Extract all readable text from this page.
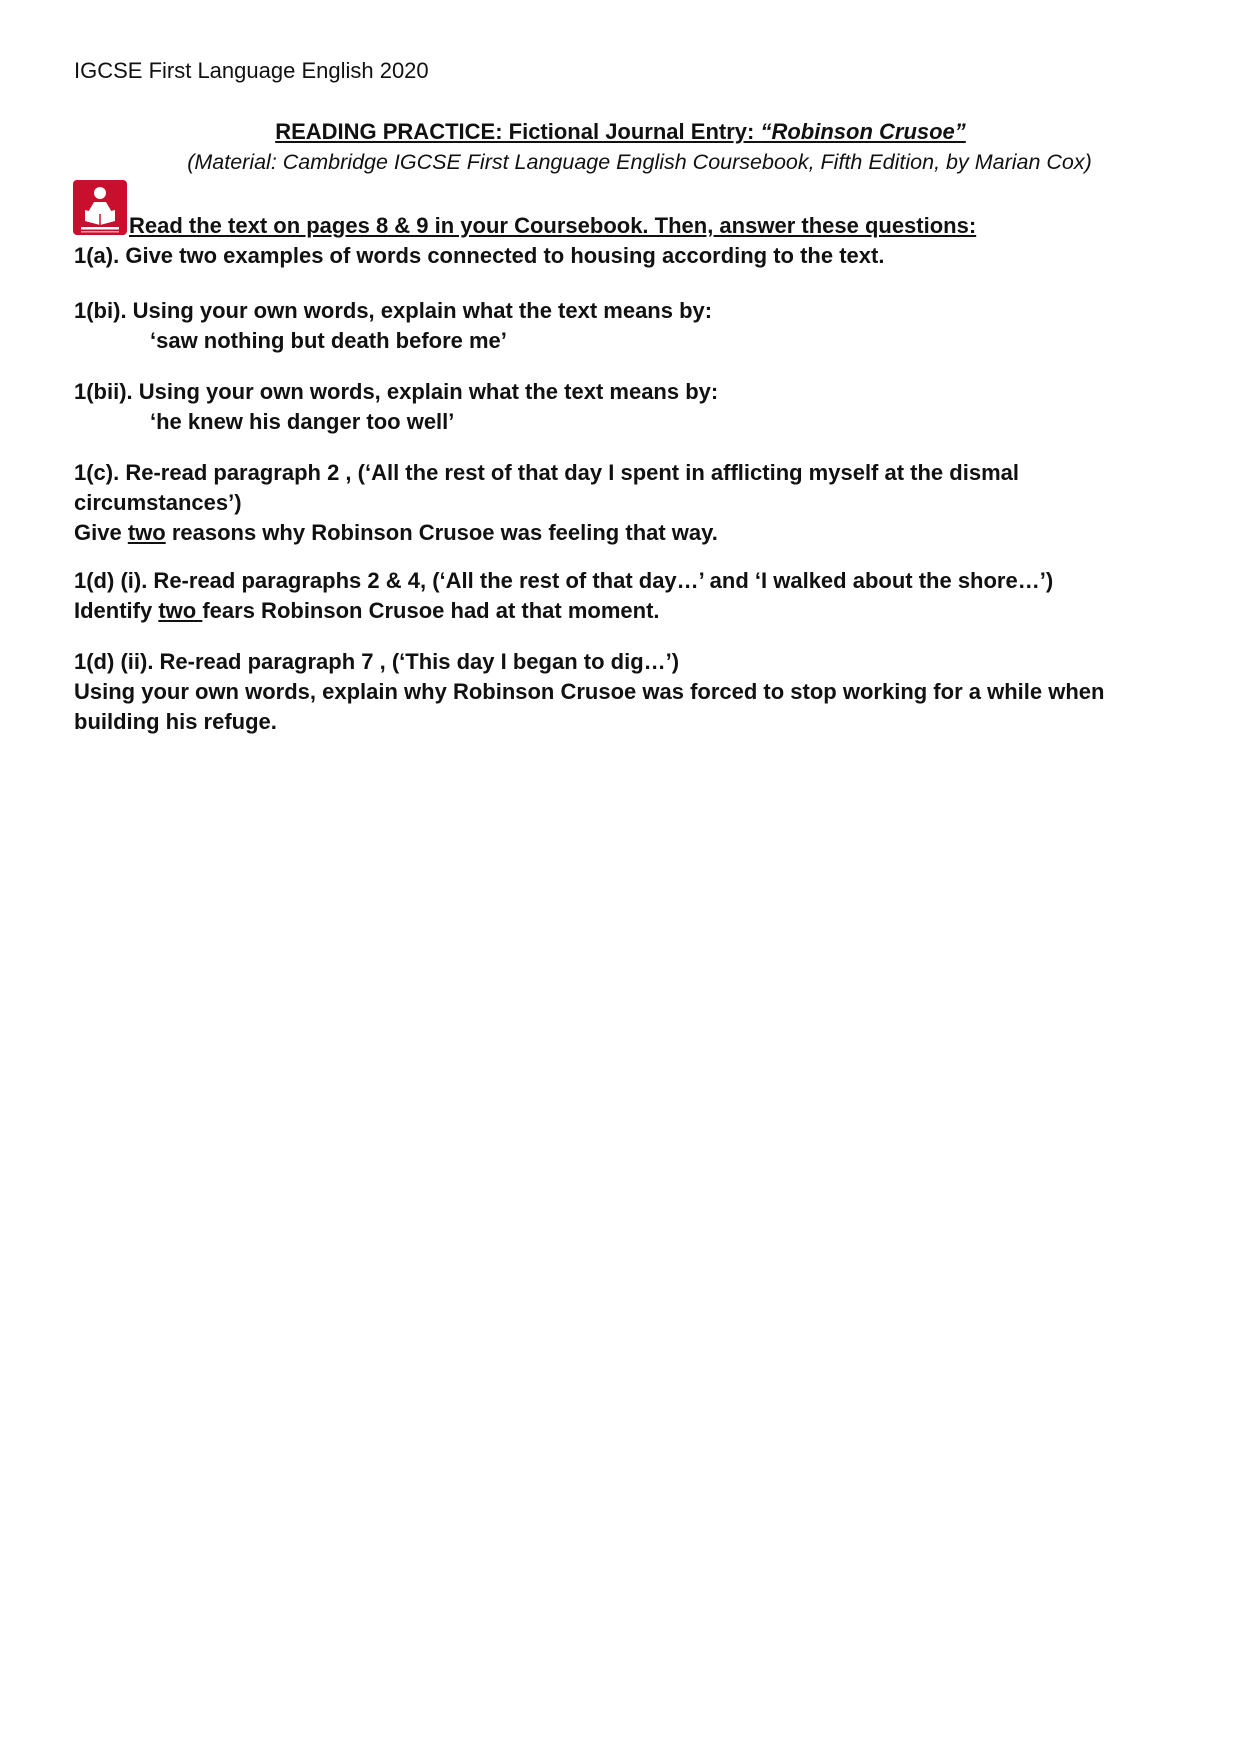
IGCSE First Language English 2020
READING PRACTICE: Fictional Journal Entry: “Robinson Crusoe”
(Material: Cambridge IGCSE First Language English Coursebook, Fifth Edition, by Marian Cox)
Read the text on pages 8 & 9 in your Coursebook. Then, answer these questions:
1(a). Give two examples of words connected to housing according to the text.
1(bi). Using your own words, explain what the text means by:
‘saw nothing but death before me’
1(bii). Using your own words, explain what the text means by:
‘he knew his danger too well’
1(c). Re-read paragraph 2 , (‘All the rest of that day I spent in afflicting myself at the dismal
circumstances’)
Give two reasons why Robinson Crusoe was feeling that way.
1(d) (i). Re-read paragraphs 2 & 4, (‘All the rest of that day…’ and ‘I walked about the shore…’)
Identify two fears Robinson Crusoe had at that moment.
1(d) (ii). Re-read paragraph 7 , (‘This day I began to dig…’)
Using your own words, explain why Robinson Crusoe was forced to stop working for a while when
building his refuge.
